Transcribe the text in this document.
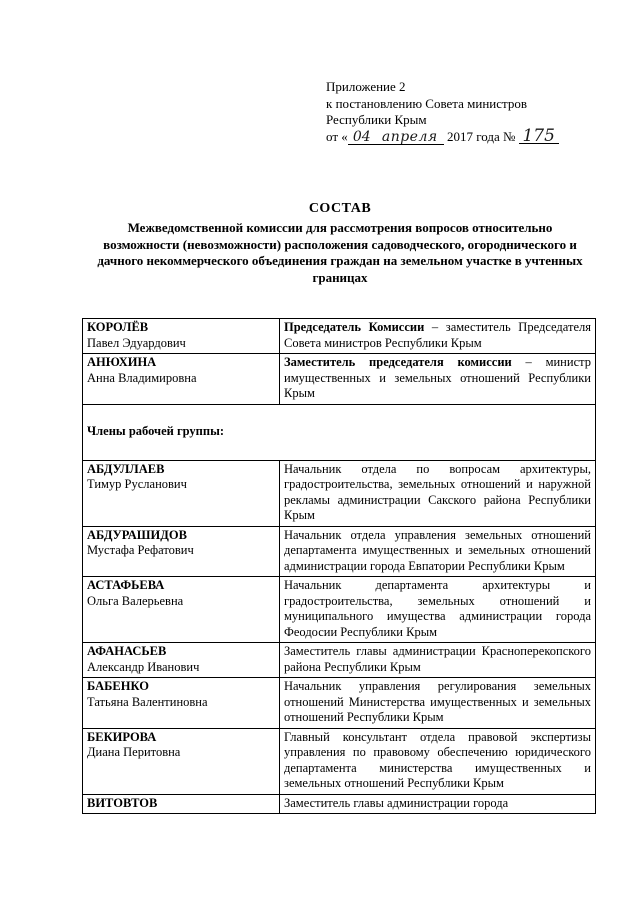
Приложение 2
к постановлению Совета министров
Республики Крым
от « 04 апреля 2017 года № 175
СОСТАВ
Межведомственной комиссии для рассмотрения вопросов относительно возможности (невозможности) расположения садоводческого, огороднического и дачного некоммерческого объединения граждан на земельном участке в учтенных границах
КОРОЛЁВ
Павел Эдуардович	Председатель Комиссии – заместитель Председателя Совета министров Республики Крым

АНЮХИНА
Анна Владимировна	Заместитель председателя комиссии – министр имущественных и земельных отношений Республики Крым
Члены рабочей группы:	

АБДУЛЛАЕВ
Тимур Русланович	Начальник отдела по вопросам архитектуры, градостроительства, земельных отношений и наружной рекламы администрации Сакского района Республики Крым

АБДУРАШИДОВ
Мустафа Рефатович	Начальник отдела управления земельных отношений департамента имущественных и земельных отношений администрации города Евпатории Республики Крым

АСТАФЬЕВА
Ольга Валерьевна	Начальник департамента архитектуры и градостроительства, земельных отношений и муниципального имущества администрации города Феодосии Республики Крым

АФАНАСЬЕВ
Александр Иванович	Заместитель главы администрации Красноперекопского района Республики Крым

БАБЕНКО
Татьяна Валентиновна	Начальник управления регулирования земельных отношений Министерства имущественных и земельных отношений Республики Крым

БЕКИРОВА
Диана Перитовна	Главный консультант отдела правовой экспертизы управления по правовому обеспечению юридического департамента министерства имущественных и земельных отношений Республики Крым

ВИТОВТОВ	Заместитель главы администрации города
